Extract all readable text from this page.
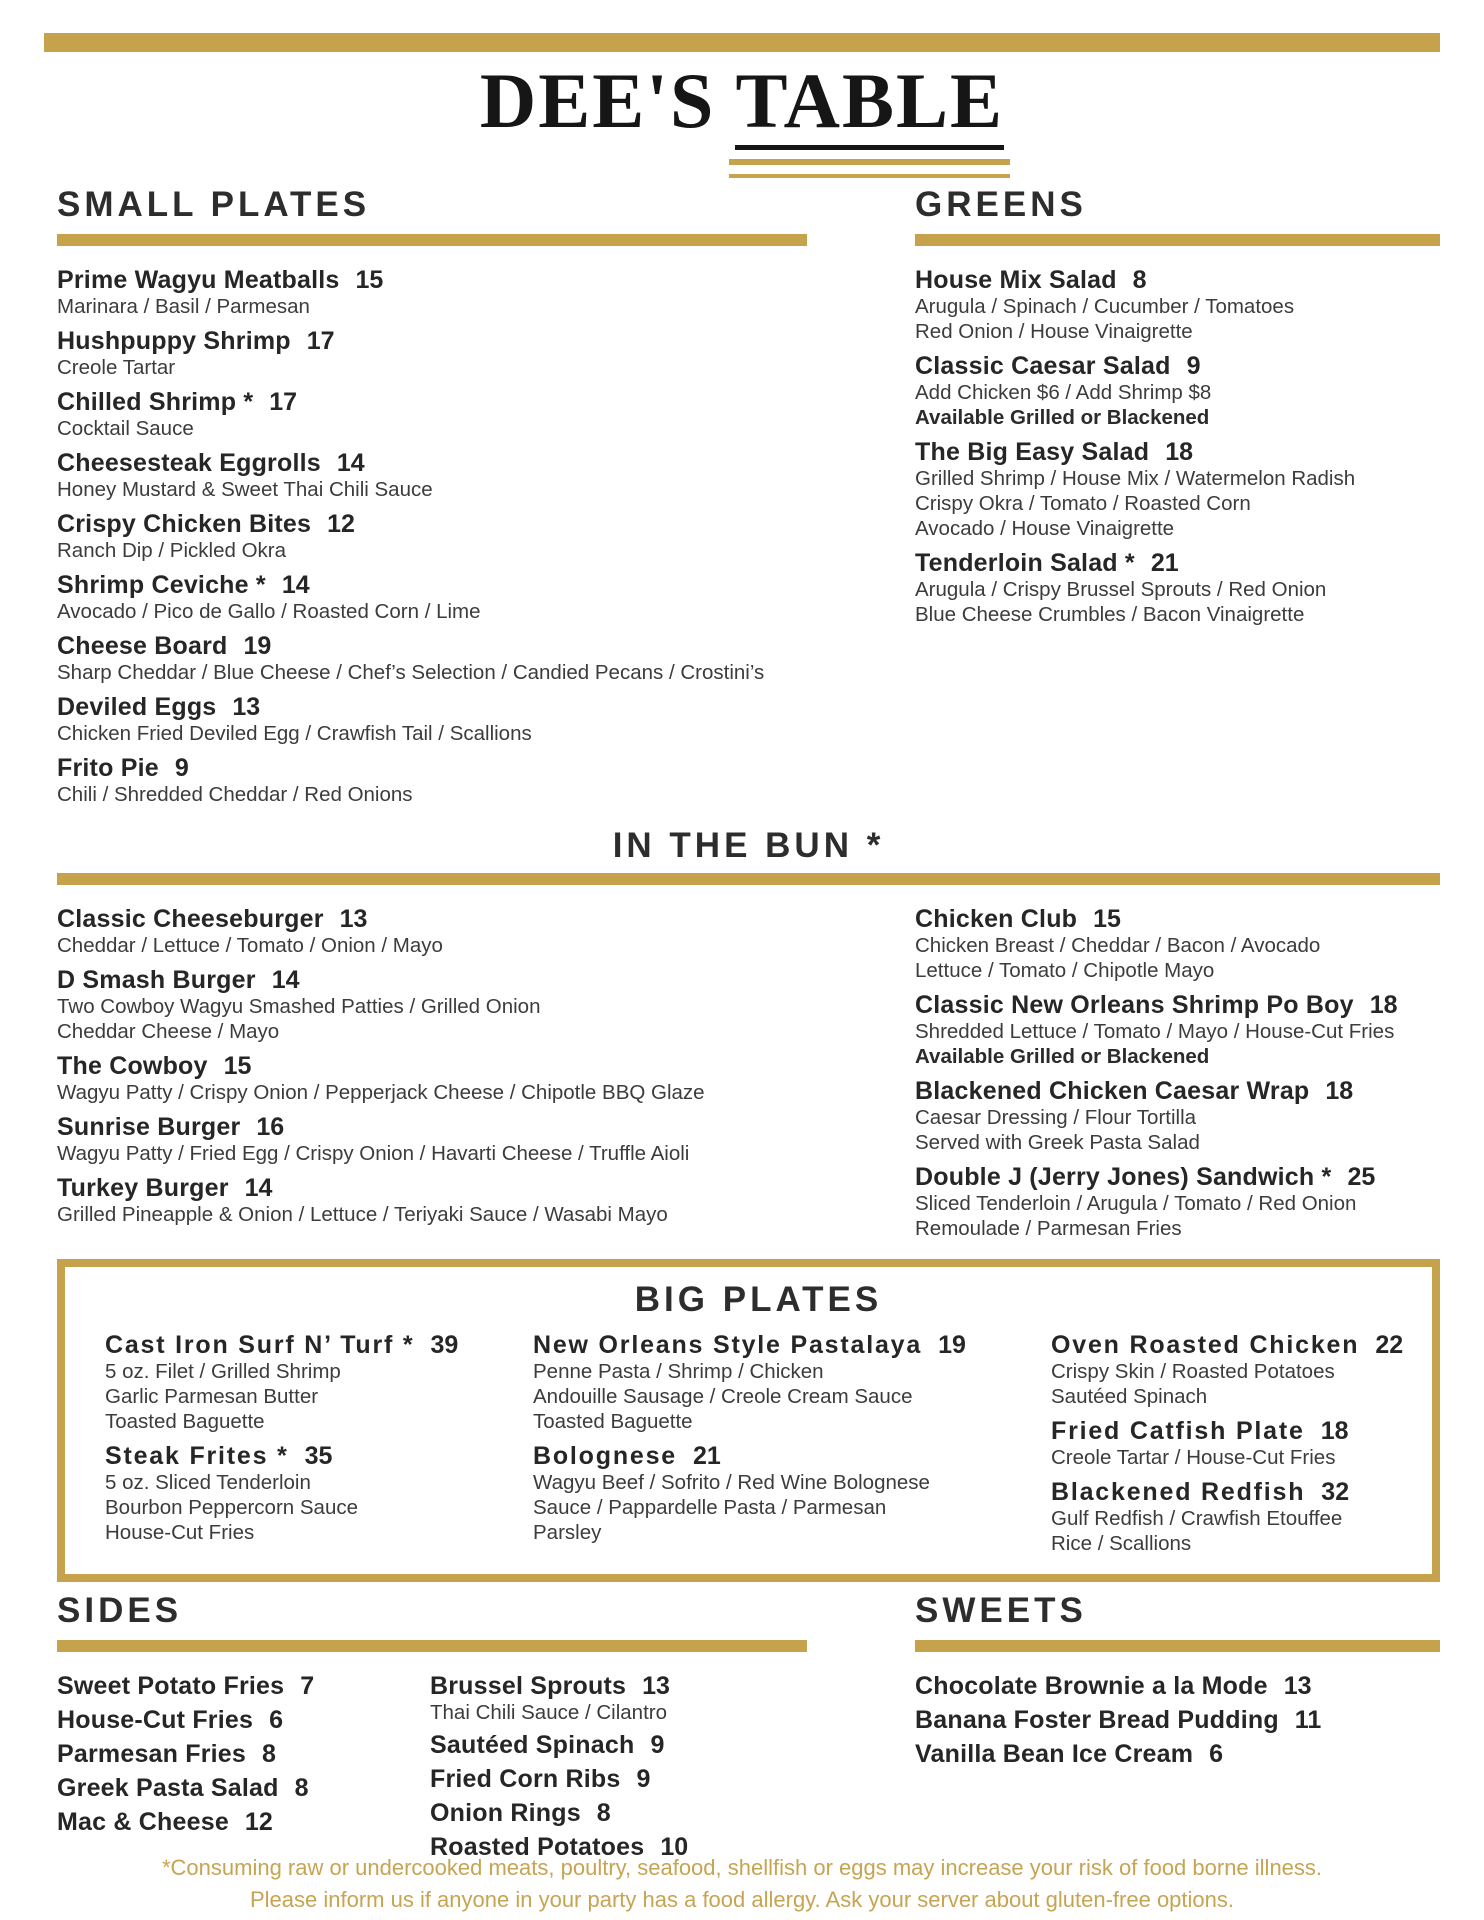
DEE'S TABLE
SMALL PLATES
Prime Wagyu Meatballs 15
Marinara / Basil / Parmesan
Hushpuppy Shrimp 17
Creole Tartar
Chilled Shrimp * 17
Cocktail Sauce
Cheesesteak Eggrolls 14
Honey Mustard & Sweet Thai Chili Sauce
Crispy Chicken Bites 12
Ranch Dip / Pickled Okra
Shrimp Ceviche * 14
Avocado / Pico de Gallo / Roasted Corn / Lime
Cheese Board 19
Sharp Cheddar / Blue Cheese / Chef’s Selection / Candied Pecans / Crostini’s
Deviled Eggs 13
Chicken Fried Deviled Egg / Crawfish Tail / Scallions
Frito Pie 9
Chili / Shredded Cheddar / Red Onions
GREENS
House Mix Salad 8
Arugula / Spinach / Cucumber / Tomatoes
Red Onion / House Vinaigrette
Classic Caesar Salad 9
Add Chicken $6 / Add Shrimp $8
Available Grilled or Blackened
The Big Easy Salad 18
Grilled Shrimp / House Mix / Watermelon Radish
Crispy Okra / Tomato / Roasted Corn
Avocado / House Vinaigrette
Tenderloin Salad * 21
Arugula / Crispy Brussel Sprouts / Red Onion
Blue Cheese Crumbles / Bacon Vinaigrette
IN THE BUN *
Classic Cheeseburger 13
Cheddar / Lettuce / Tomato / Onion / Mayo
D Smash Burger 14
Two Cowboy Wagyu Smashed Patties / Grilled Onion
Cheddar Cheese / Mayo
The Cowboy 15
Wagyu Patty / Crispy Onion / Pepperjack Cheese / Chipotle BBQ Glaze
Sunrise Burger 16
Wagyu Patty / Fried Egg / Crispy Onion / Havarti Cheese / Truffle Aioli
Turkey Burger 14
Grilled Pineapple & Onion / Lettuce / Teriyaki Sauce / Wasabi Mayo
Chicken Club 15
Chicken Breast / Cheddar / Bacon / Avocado
Lettuce / Tomato / Chipotle Mayo
Classic New Orleans Shrimp Po Boy 18
Shredded Lettuce / Tomato / Mayo / House-Cut Fries
Available Grilled or Blackened
Blackened Chicken Caesar Wrap 18
Caesar Dressing / Flour Tortilla
Served with Greek Pasta Salad
Double J (Jerry Jones) Sandwich * 25
Sliced Tenderloin / Arugula / Tomato / Red Onion
Remoulade / Parmesan Fries
BIG PLATES
Cast Iron Surf N’ Turf * 39
5 oz. Filet / Grilled Shrimp
Garlic Parmesan Butter
Toasted Baguette
Steak Frites * 35
5 oz. Sliced Tenderloin
Bourbon Peppercorn Sauce
House-Cut Fries
New Orleans Style Pastalaya 19
Penne Pasta / Shrimp / Chicken
Andouille Sausage / Creole Cream Sauce
Toasted Baguette
Bolognese 21
Wagyu Beef / Sofrito / Red Wine Bolognese
Sauce / Pappardelle Pasta / Parmesan
Parsley
Oven Roasted Chicken 22
Crispy Skin / Roasted Potatoes
Sautéed Spinach
Fried Catfish Plate 18
Creole Tartar / House-Cut Fries
Blackened Redfish 32
Gulf Redfish / Crawfish Etouffee
Rice / Scallions
SIDES
Sweet Potato Fries 7
House-Cut Fries 6
Parmesan Fries 8
Greek Pasta Salad 8
Mac & Cheese 12
Brussel Sprouts 13
Thai Chili Sauce / Cilantro
Sautéed Spinach 9
Fried Corn Ribs 9
Onion Rings 8
Roasted Potatoes 10
SWEETS
Chocolate Brownie a la Mode 13
Banana Foster Bread Pudding 11
Vanilla Bean Ice Cream 6
*Consuming raw or undercooked meats, poultry, seafood, shellfish or eggs may increase your risk of food borne illness.
Please inform us if anyone in your party has a food allergy. Ask your server about gluten-free options.
